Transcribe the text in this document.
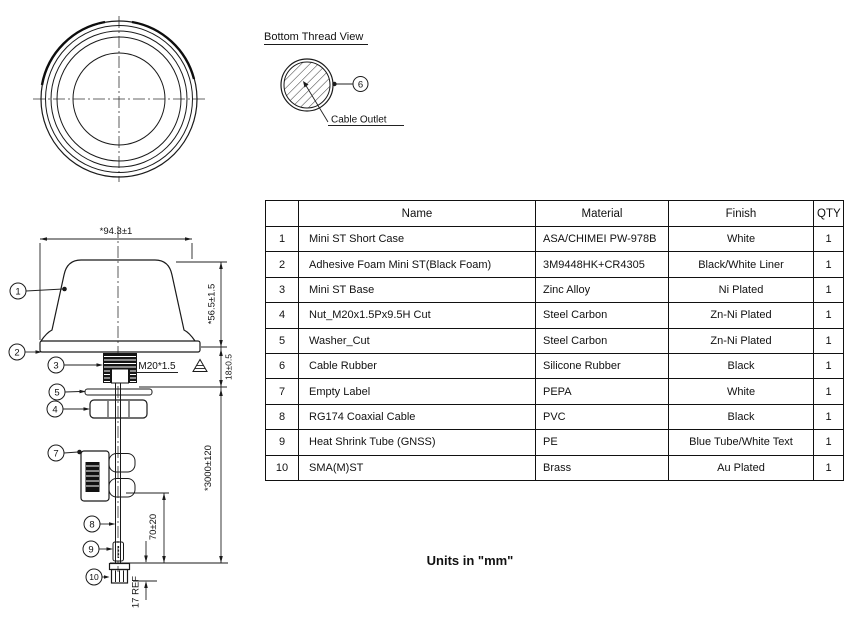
Bottom Thread View
6
Cable Outlet
*94.3±1
*56.5±1.5
18±0.5
M20*1.5
*3000±120
70±20
17 REF
1
2
3
5
4
7
8
9
10
	Name	Material	Finish	QTY
1	Mini ST Short Case	ASA/CHIMEI PW-978B	White	1
2	Adhesive Foam Mini ST(Black Foam)	3M9448HK+CR4305	Black/White Liner	1
3	Mini ST Base	Zinc Alloy	Ni Plated	1
4	Nut_M20x1.5Px9.5H Cut	Steel Carbon	Zn-Ni Plated	1
5	Washer_Cut	Steel Carbon	Zn-Ni Plated	1
6	Cable Rubber	Silicone Rubber	Black	1
7	Empty Label	PEPA	White	1
8	RG174 Coaxial Cable	PVC	Black	1
9	Heat Shrink Tube (GNSS)	PE	Blue Tube/White Text	1
10	SMA(M)ST	Brass	Au Plated	1
Units in "mm"
